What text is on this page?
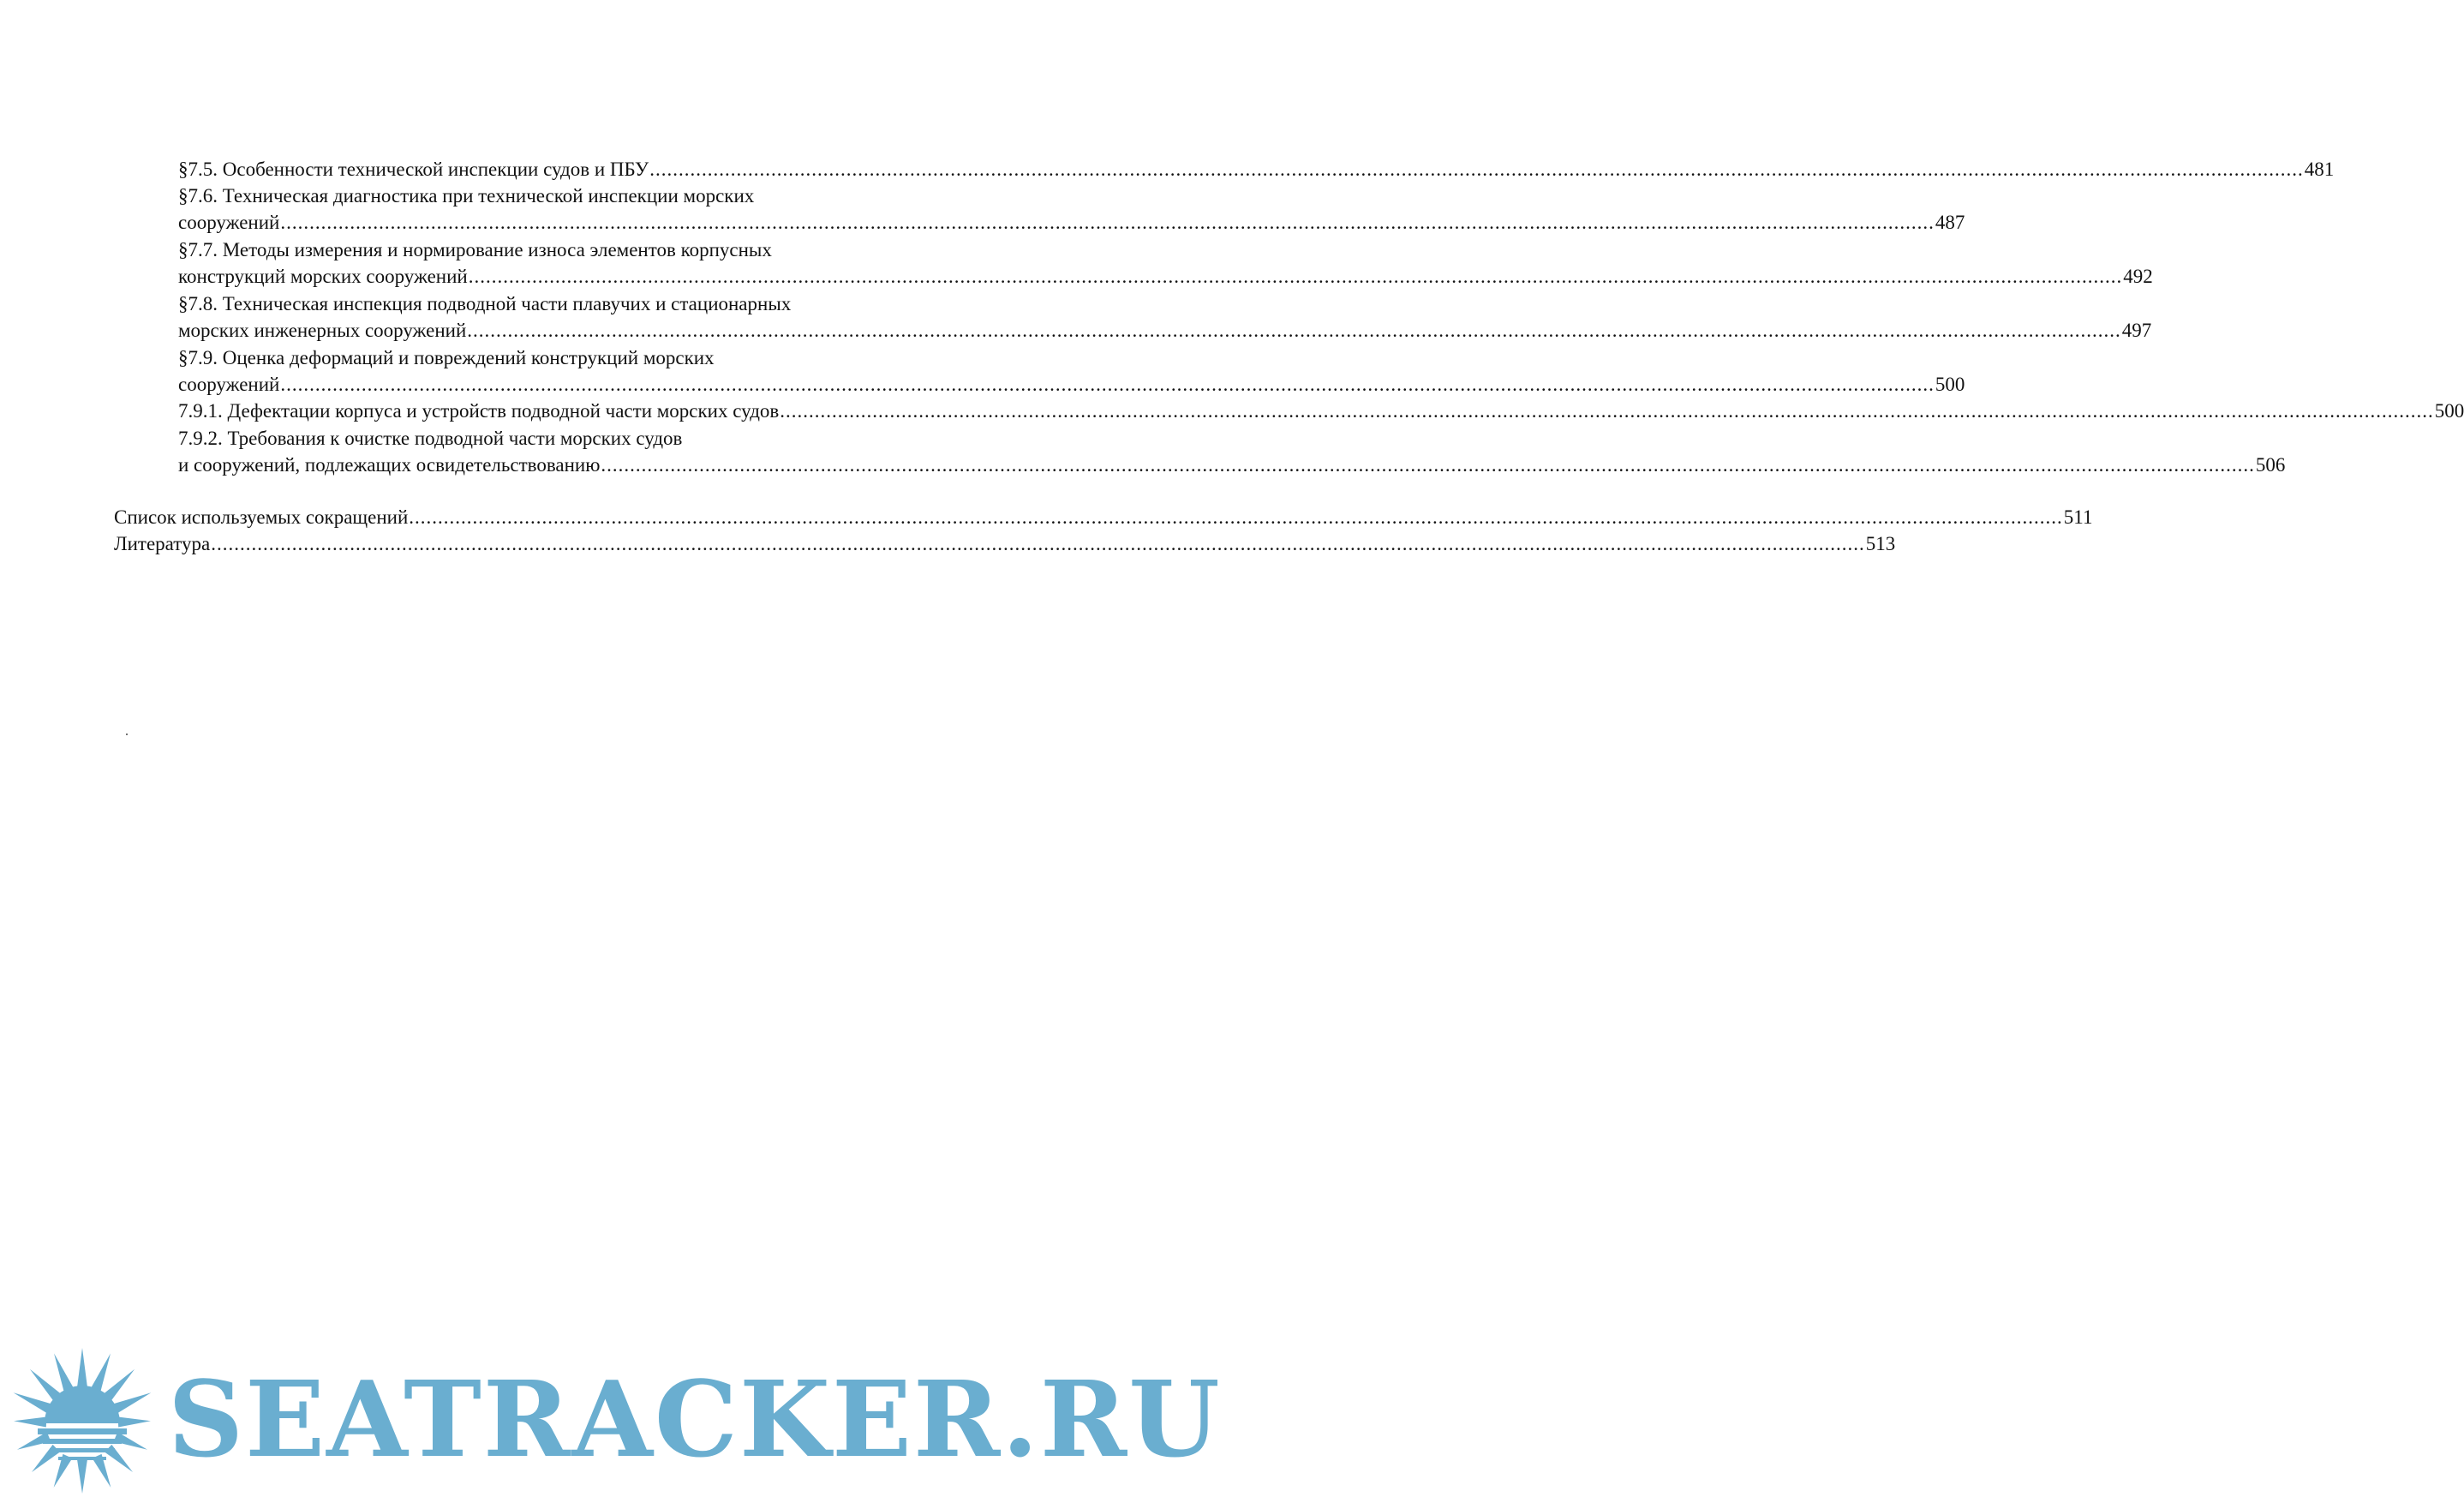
§7.5. Особенности технической инспекции судов и ПБУ .....	481
§7.6. Техническая диагностика при технической инспекции морских
сооружений .....	487
§7.7. Методы измерения и нормирование износа элементов корпусных
конструкций морских сооружений .....	492
§7.8. Техническая инспекция подводной части плавучих и стационарных
морских инженерных сооружений .....	497
§7.9. Оценка деформаций и повреждений конструкций морских
сооружений .....	500
7.9.1. Дефектации корпуса и устройств подводной части морских судов .....	500
7.9.2. Требования к очистке подводной части морских судов
и сооружений, подлежащих освидетельствованию .....	506
Список используемых сокращений .....	511
Литература .....	513
SEATRACKER.RU
